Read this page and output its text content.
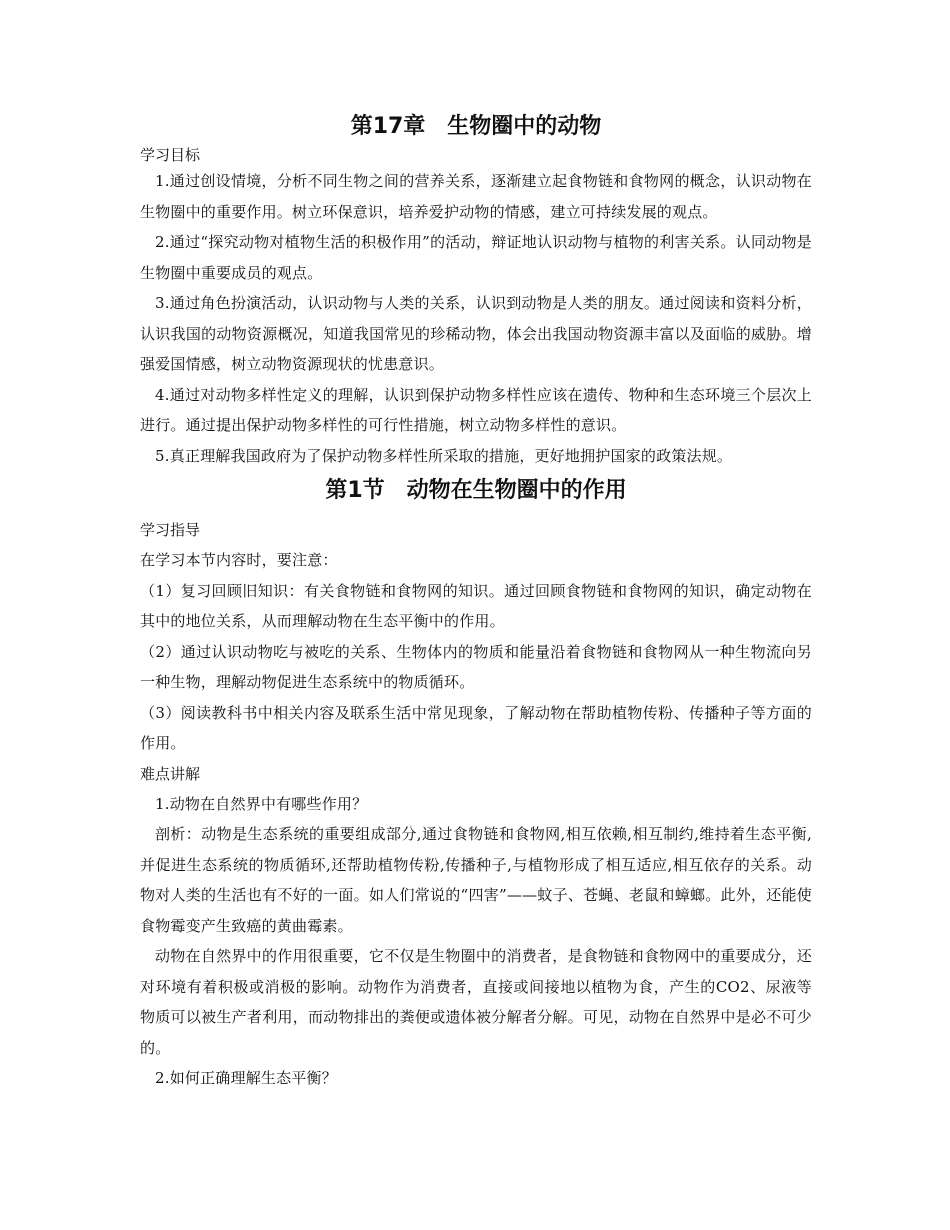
第17章　生物圈中的动物
学习目标

1.通过创设情境，分析不同生物之间的营养关系，逐渐建立起食物链和食物网的概念，认识动物在生物圈中的重要作用。树立环保意识，培养爱护动物的情感，建立可持续发展的观点。

2.通过“探究动物对植物生活的积极作用”的活动，辩证地认识动物与植物的利害关系。认同动物是生物圈中重要成员的观点。

3.通过角色扮演活动，认识动物与人类的关系，认识到动物是人类的朋友。通过阅读和资料分析，认识我国的动物资源概况，知道我国常见的珍稀动物，体会出我国动物资源丰富以及面临的威胁。增强爱国情感，树立动物资源现状的忧患意识。

4.通过对动物多样性定义的理解，认识到保护动物多样性应该在遗传、物种和生态环境三个层次上进行。通过提出保护动物多样性的可行性措施，树立动物多样性的意识。

5.真正理解我国政府为了保护动物多样性所采取的措施，更好地拥护国家的政策法规。

第1节　动物在生物圈中的作用
学习指导

在学习本节内容时，要注意：

（1）复习回顾旧知识：有关食物链和食物网的知识。通过回顾食物链和食物网的知识，确定动物在其中的地位关系，从而理解动物在生态平衡中的作用。

（2）通过认识动物吃与被吃的关系、生物体内的物质和能量沿着食物链和食物网从一种生物流向另一种生物，理解动物促进生态系统中的物质循环。

（3）阅读教科书中相关内容及联系生活中常见现象，了解动物在帮助植物传粉、传播种子等方面的作用。

难点讲解

1.动物在自然界中有哪些作用？

剖析：动物是生态系统的重要组成部分,通过食物链和食物网,相互依赖,相互制约,维持着生态平衡,并促进生态系统的物质循环,还帮助植物传粉,传播种子,与植物形成了相互适应,相互依存的关系。动物对人类的生活也有不好的一面。如人们常说的“四害”——蚊子、苍蝇、老鼠和蟑螂。此外，还能使食物霉变产生致癌的黄曲霉素。

动物在自然界中的作用很重要，它不仅是生物圈中的消费者，是食物链和食物网中的重要成分，还对环境有着积极或消极的影响。动物作为消费者，直接或间接地以植物为食，产生的CO2、尿液等物质可以被生产者利用，而动物排出的粪便或遗体被分解者分解。可见，动物在自然界中是必不可少的。

2.如何正确理解生态平衡？
